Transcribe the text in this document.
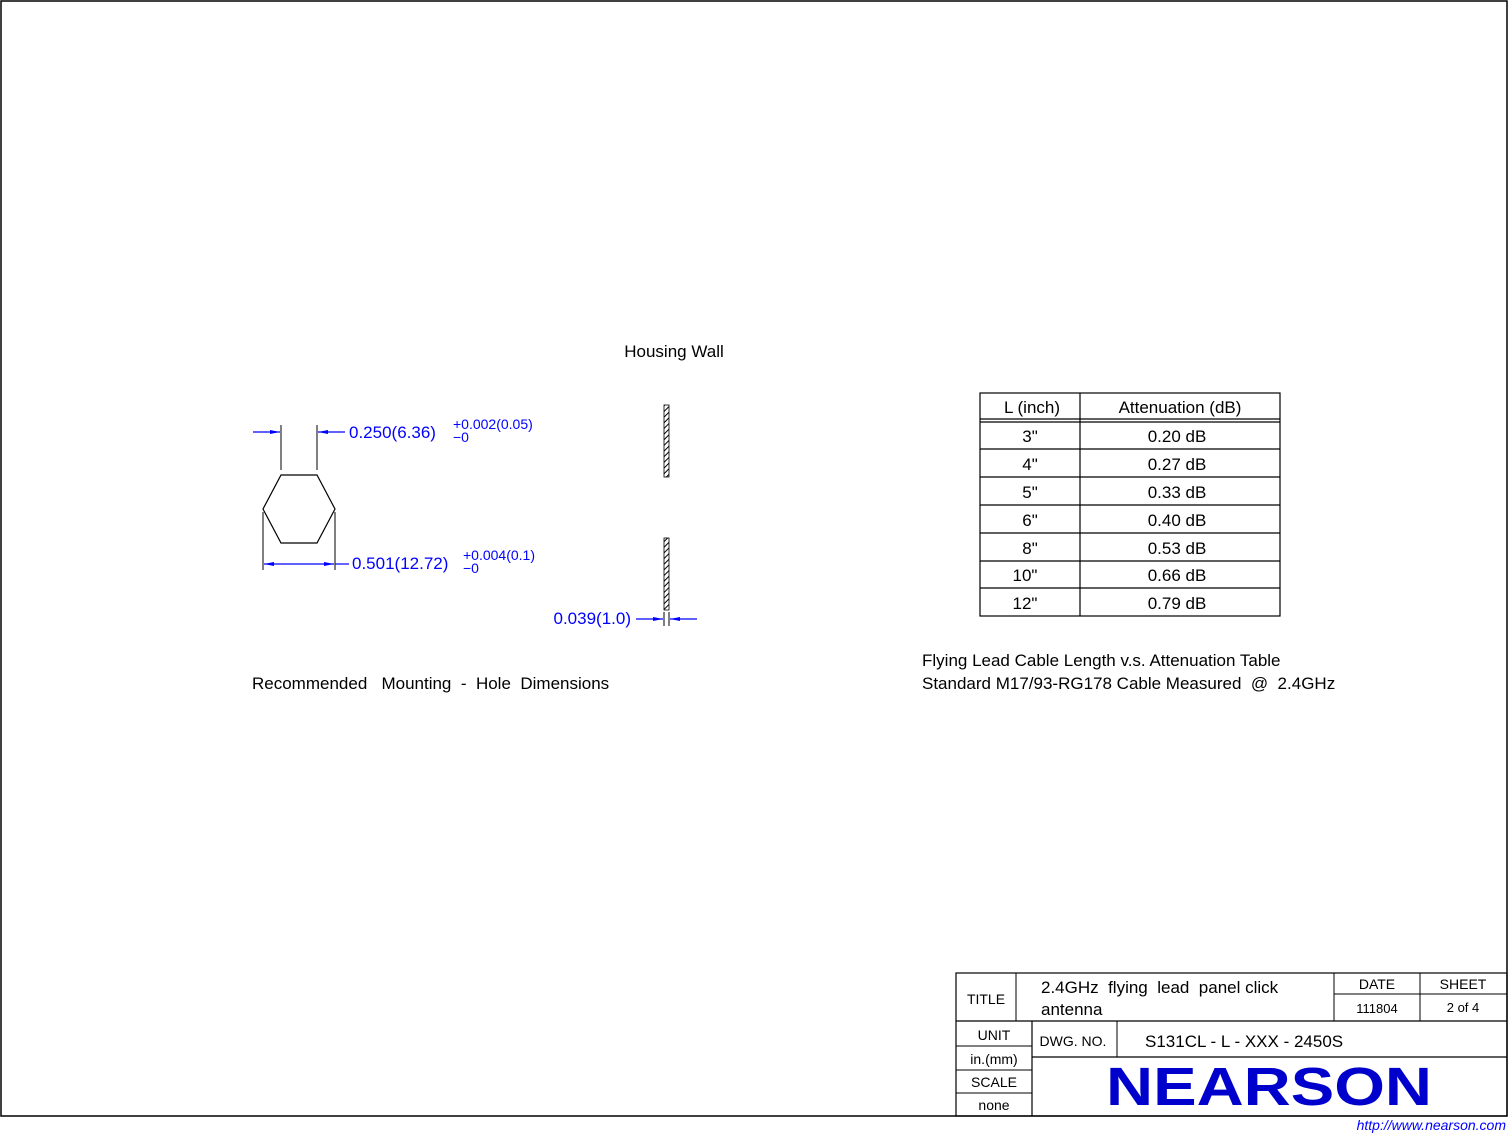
Housing Wall
0.250(6.36) +0.002(0.05)
−0
0.501(12.72) +0.004(0.1)
−0
0.039(1.0)
Recommended   Mounting  -  Hole  Dimensions
L (inch)	Attenuation (dB)
3"	0.20 dB
4"	0.27 dB
5"	0.33 dB
6"	0.40 dB
8"	0.53 dB
10"	0.66 dB
12"	0.79 dB
Flying Lead Cable Length v.s. Attenuation Table
Standard M17/93-RG178 Cable Measured  @  2.4GHz
TITLE
2.4GHz  flying  lead  panel click
antenna
DATE
111804
SHEET
2 of 4
UNIT
in.(mm)
SCALE
none
DWG. NO. S131CL - L - XXX - 2450S
NEARSON
http://www.nearson.com
